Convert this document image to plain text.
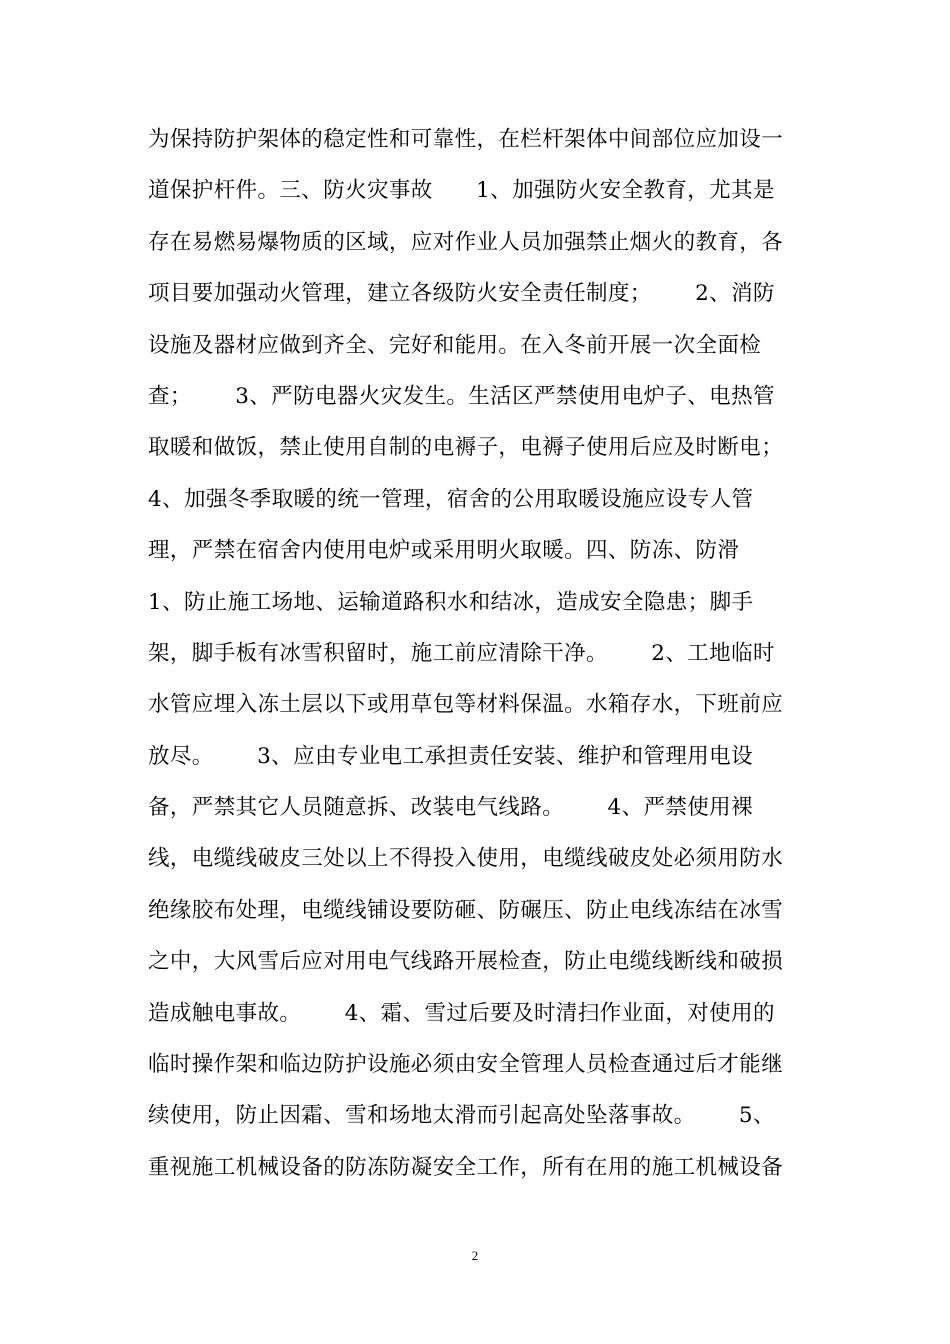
为保持防护架体的稳定性和可靠性，在栏杆架体中间部位应加设一
道保护杆件。三、防火灾事故      1、加强防火安全教育，尤其是
存在易燃易爆物质的区域，应对作业人员加强禁止烟火的教育，各
项目要加强动火管理，建立各级防火安全责任制度；      2、消防
设施及器材应做到齐全、完好和能用。在入冬前开展一次全面检
查；      3、严防电器火灾发生。生活区严禁使用电炉子、电热管
取暖和做饭，禁止使用自制的电褥子，电褥子使用后应及时断电；
4、加强冬季取暖的统一管理，宿舍的公用取暖设施应设专人管
理，严禁在宿舍内使用电炉或采用明火取暖。四、防冻、防滑
1、防止施工场地、运输道路积水和结冰，造成安全隐患；脚手
架，脚手板有冰雪积留时，施工前应清除干净。      2、工地临时
水管应埋入冻土层以下或用草包等材料保温。水箱存水，下班前应
放尽。      3、应由专业电工承担责任安装、维护和管理用电设
备，严禁其它人员随意拆、改装电气线路。      4、严禁使用裸
线，电缆线破皮三处以上不得投入使用，电缆线破皮处必须用防水
绝缘胶布处理，电缆线铺设要防砸、防碾压、防止电线冻结在冰雪
之中，大风雪后应对用电气线路开展检查，防止电缆线断线和破损
造成触电事故。      4、霜、雪过后要及时清扫作业面，对使用的
临时操作架和临边防护设施必须由安全管理人员检查通过后才能继
续使用，防止因霜、雪和场地太滑而引起高处坠落事故。      5、
重视施工机械设备的防冻防凝安全工作，所有在用的施工机械设备
2
